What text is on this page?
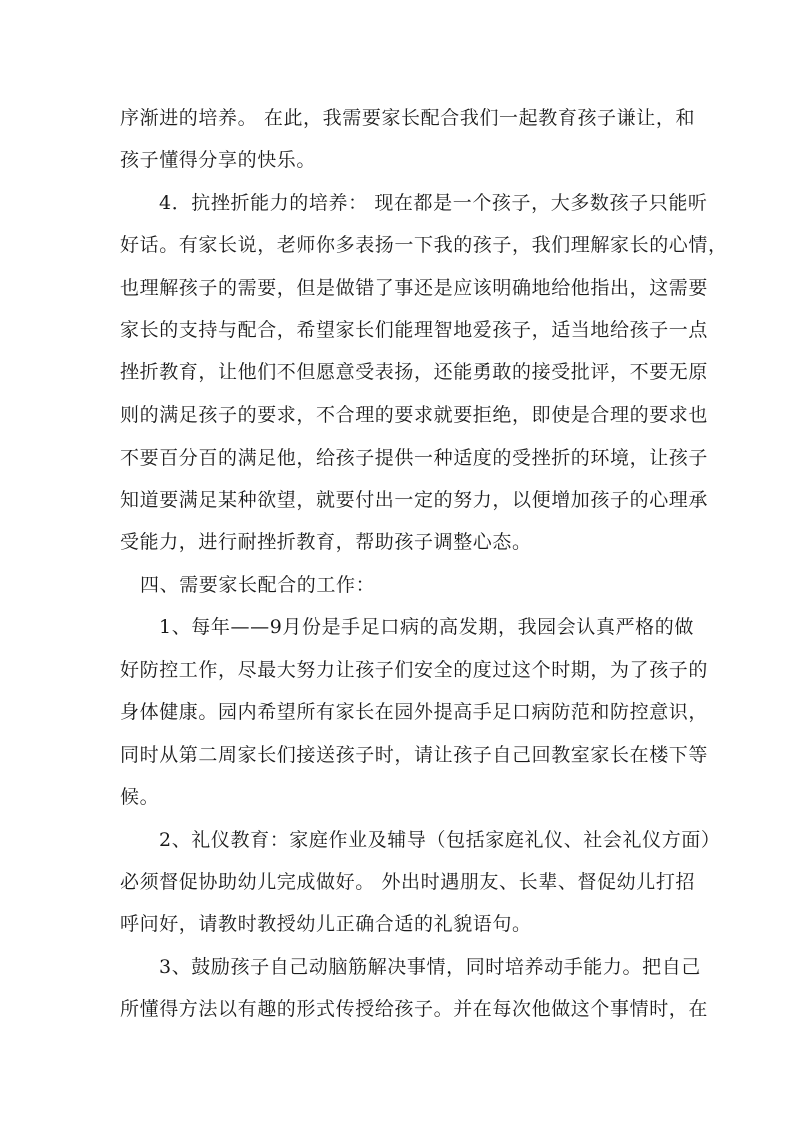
序渐进的培养。 在此，我需要家长配合我们一起教育孩子谦让，和
孩子懂得分享的快乐。
4．抗挫折能力的培养： 现在都是一个孩子，大多数孩子只能听
好话。有家长说，老师你多表扬一下我的孩子，我们理解家长的心情，
也理解孩子的需要，但是做错了事还是应该明确地给他指出，这需要
家长的支持与配合，希望家长们能理智地爱孩子，适当地给孩子一点
挫折教育，让他们不但愿意受表扬，还能勇敢的接受批评，不要无原
则的满足孩子的要求，不合理的要求就要拒绝，即使是合理的要求也
不要百分百的满足他，给孩子提供一种适度的受挫折的环境，让孩子
知道要满足某种欲望，就要付出一定的努力，以便增加孩子的心理承
受能力，进行耐挫折教育，帮助孩子调整心态。
四、需要家长配合的工作：
1、每年——9月份是手足口病的高发期，我园会认真严格的做
好防控工作，尽最大努力让孩子们安全的度过这个时期，为了孩子的
身体健康。园内希望所有家长在园外提高手足口病防范和防控意识，
同时从第二周家长们接送孩子时，请让孩子自己回教室家长在楼下等
候。
2、礼仪教育：家庭作业及辅导（包括家庭礼仪、社会礼仪方面）
必须督促协助幼儿完成做好。 外出时遇朋友、长辈、督促幼儿打招
呼问好，请教时教授幼儿正确合适的礼貌语句。
3、鼓励孩子自己动脑筋解决事情，同时培养动手能力。把自己
所懂得方法以有趣的形式传授给孩子。并在每次他做这个事情时，在
